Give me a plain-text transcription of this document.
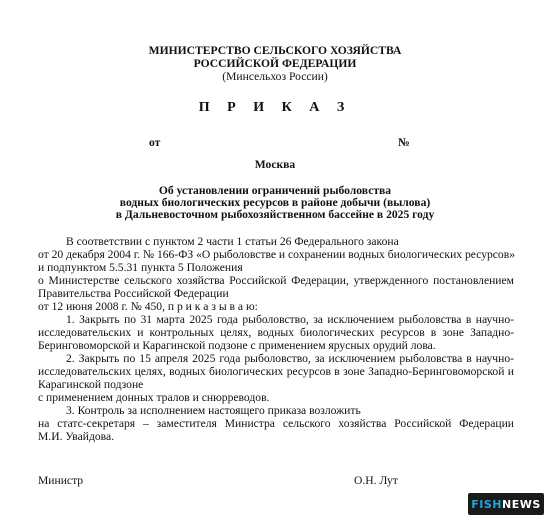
МИНИСТЕРСТВО СЕЛЬСКОГО ХОЗЯЙСТВА
РОССИЙСКОЙ ФЕДЕРАЦИИ
(Минсельхоз России)
П Р И К А З
от	№
Москва
Об установлении ограничений рыболовства
водных биологических ресурсов в районе добычи (вылова)
в Дальневосточном рыбохозяйственном бассейне в 2025 году
В соответствии с пунктом 2 части 1 статьи 26 Федерального закона
от 20 декабря 2004 г. № 166-ФЗ «О рыболовстве и сохранении водных биологических ресурсов»
и подпунктом 5.5.31 пункта 5 Положения
о Министерстве сельского хозяйства Российской Федерации, утвержденного постановлением
Правительства Российской Федерации
от 12 июня 2008 г. № 450, п р и к а з ы в а ю:
1. Закрыть по 31 марта 2025 года рыболовство, за исключением рыболовства в научно-
исследовательских и контрольных целях, водных биологических ресурсов в зоне Западно-
Беринговоморской и Карагинской подзоне с применением ярусных орудий лова.
2. Закрыть по 15 апреля 2025 года рыболовство, за исключением рыболовства в научно-
исследовательских целях, водных биологических ресурсов в зоне Западно-Беринговоморской и
Карагинской подзоне
с применением донных тралов и снюрреводов.
3. Контроль за исполнением настоящего приказа возложить
на статс-секретаря – заместителя Министра сельского хозяйства Российской Федерации
М.И. Увайдова.
Министр	О.Н. Лут
FISH NEWS
